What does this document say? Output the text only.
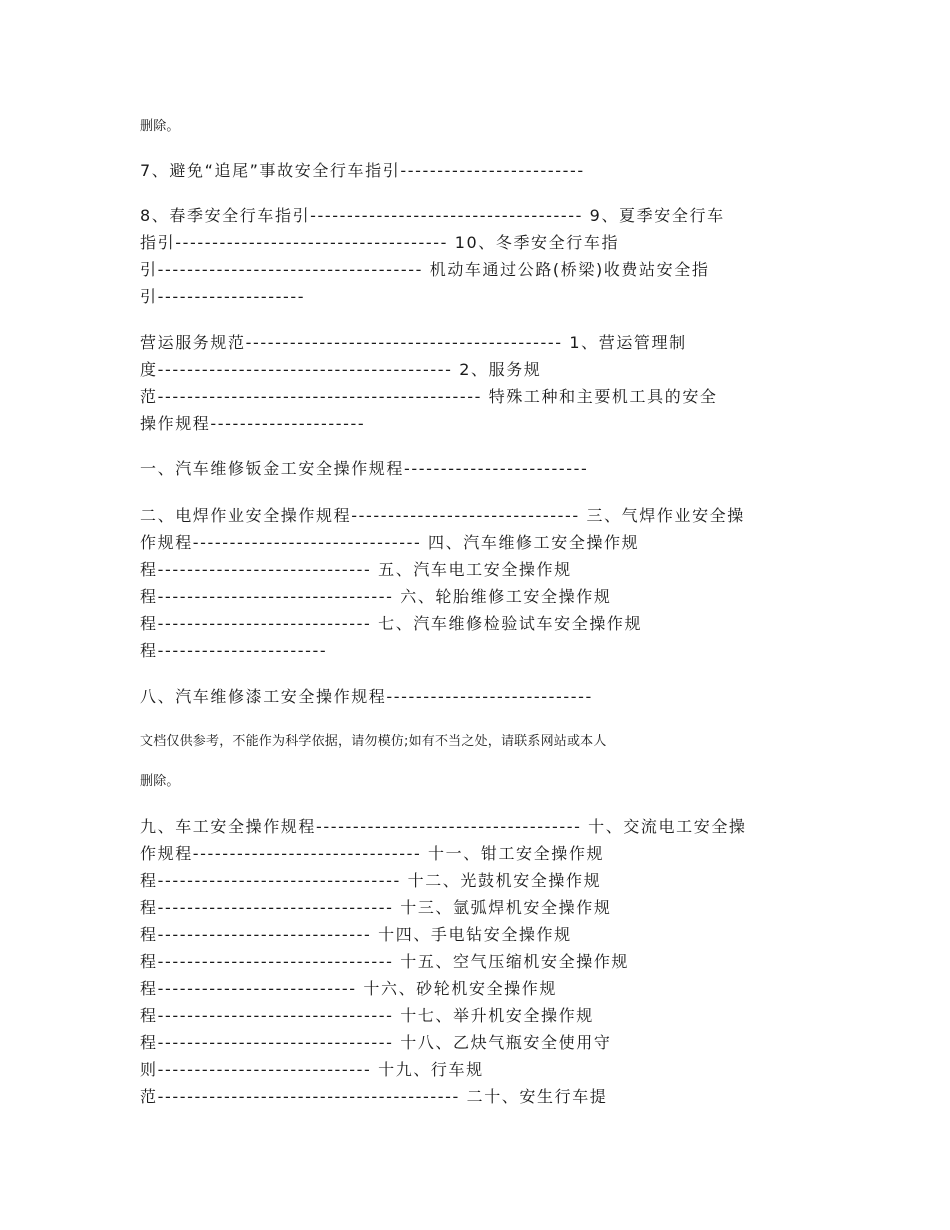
删除。
7、避免“追尾”事故安全行车指引-------------------------
8、春季安全行车指引------------------------------------- 9、夏季安全行车
指引------------------------------------- 10、冬季安全行车指
引------------------------------------ 机动车通过公路(桥梁)收费站安全指
引--------------------
营运服务规范------------------------------------------- 1、营运管理制
度---------------------------------------- 2、服务规
范-------------------------------------------- 特殊工种和主要机工具的安全
操作规程---------------------
一、汽车维修钣金工安全操作规程-------------------------
二、电焊作业安全操作规程------------------------------- 三、气焊作业安全操
作规程------------------------------- 四、汽车维修工安全操作规
程----------------------------- 五、汽车电工安全操作规
程-------------------------------- 六、轮胎维修工安全操作规
程----------------------------- 七、汽车维修检验试车安全操作规
程-----------------------
八、汽车维修漆工安全操作规程----------------------------
文档仅供参考，不能作为科学依据，请勿模仿;如有不当之处，请联系网站或本人
删除。
九、车工安全操作规程------------------------------------ 十、交流电工安全操
作规程------------------------------- 十一、钳工安全操作规
程--------------------------------- 十二、光鼓机安全操作规
程-------------------------------- 十三、氩弧焊机安全操作规
程----------------------------- 十四、手电钻安全操作规
程-------------------------------- 十五、空气压缩机安全操作规
程--------------------------- 十六、砂轮机安全操作规
程-------------------------------- 十七、举升机安全操作规
程-------------------------------- 十八、乙炔气瓶安全使用守
则----------------------------- 十九、行车规
范----------------------------------------- 二十、安生行车提
